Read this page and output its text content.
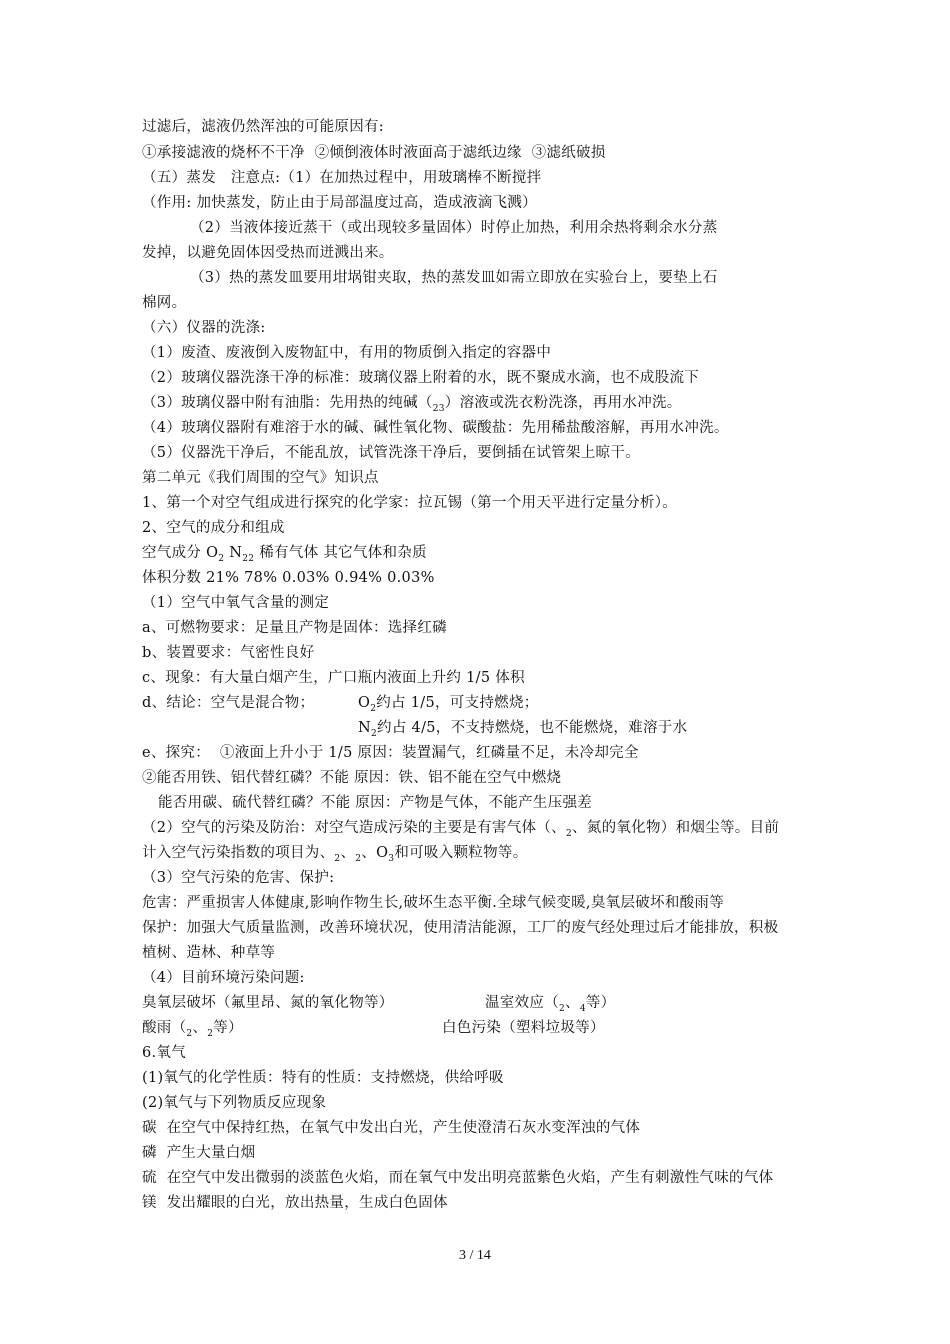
过滤后，滤液仍然浑浊的可能原因有:
①承接滤液的烧杯不干净  ②倾倒液体时液面高于滤纸边缘  ③滤纸破损
（五）蒸发   注意点:（1）在加热过程中，用玻璃棒不断搅拌
（作用: 加快蒸发，防止由于局部温度过高，造成液滴飞溅）
（2）当液体接近蒸干（或出现较多量固体）时停止加热，利用余热将剩余水分蒸
发掉，以避免固体因受热而迸溅出来。
（3）热的蒸发皿要用坩埚钳夹取，热的蒸发皿如需立即放在实验台上，要垫上石
棉网。
（六）仪器的洗涤:
（1）废渣、废液倒入废物缸中，有用的物质倒入指定的容器中
（2）玻璃仪器洗涤干净的标准：玻璃仪器上附着的水，既不聚成水滴，也不成股流下
（3）玻璃仪器中附有油脂：先用热的纯碱$(_{23})$溶液或洗衣粉洗涤，再用水冲洗。
（4）玻璃仪器附有难溶于水的碱、碱性氧化物、碳酸盐：先用稀盐酸溶解，再用水冲洗。
（5）仪器洗干净后，不能乱放，试管洗涤干净后，要倒插在试管架上晾干。
第二单元《我们周围的空气》知识点
1、第一个对空气组成进行探究的化学家：拉瓦锡（第一个用天平进行定量分析）。
2、空气的成分和组成
空气成分 $O_2$ $N_{22}$ 稀有气体 其它气体和杂质
体积分数 21% 78% 0.03% 0.94% 0.03%
（1）空气中氧气含量的测定
a、可燃物要求：足量且产物是固体：选择红磷
b、装置要求：气密性良好
c、现象：有大量白烟产生，广口瓶内液面上升约 1/5 体积
d、结论：空气是混合物；	$O_2$约占 1/5，可支持燃烧；
$N_2$约占 4/5，不支持燃烧，也不能燃烧，难溶于水
e、探究：  ①液面上升小于 1/5 原因：装置漏气，红磷量不足，未冷却完全
②能否用铁、铝代替红磷？不能 原因：铁、铝不能在空气中燃烧
能否用碳、硫代替红磷？不能 原因：产物是气体，不能产生压强差
（2）空气的污染及防治：对空气造成污染的主要是有害气体（、$_2$、氮的氧化物）和烟尘等。目前
计入空气污染指数的项目为、$_2$、$_2$、$O_3$和可吸入颗粒物等。
（3）空气污染的危害、保护:
危害：严重损害人体健康,影响作物生长,破坏生态平衡.全球气候变暖,臭氧层破坏和酸雨等
保护：加强大气质量监测，改善环境状况，使用清洁能源，工厂的废气经处理过后才能排放，积极
植树、造林、种草等
（4）目前环境污染问题:
臭氧层破坏（氟里昂、氮的氧化物等）	温室效应（$_2$、$_4$等）
酸雨（$_2$、$_2$等）	白色污染（塑料垃圾等）
6.氧气
(1)氧气的化学性质：特有的性质：支持燃烧，供给呼吸
(2)氧气与下列物质反应现象
碳  在空气中保持红热，在氧气中发出白光，产生使澄清石灰水变浑浊的气体
磷  产生大量白烟
硫  在空气中发出微弱的淡蓝色火焰，而在氧气中发出明亮蓝紫色火焰，产生有刺激性气味的气体
镁  发出耀眼的白光，放出热量，生成白色固体
3 / 14
